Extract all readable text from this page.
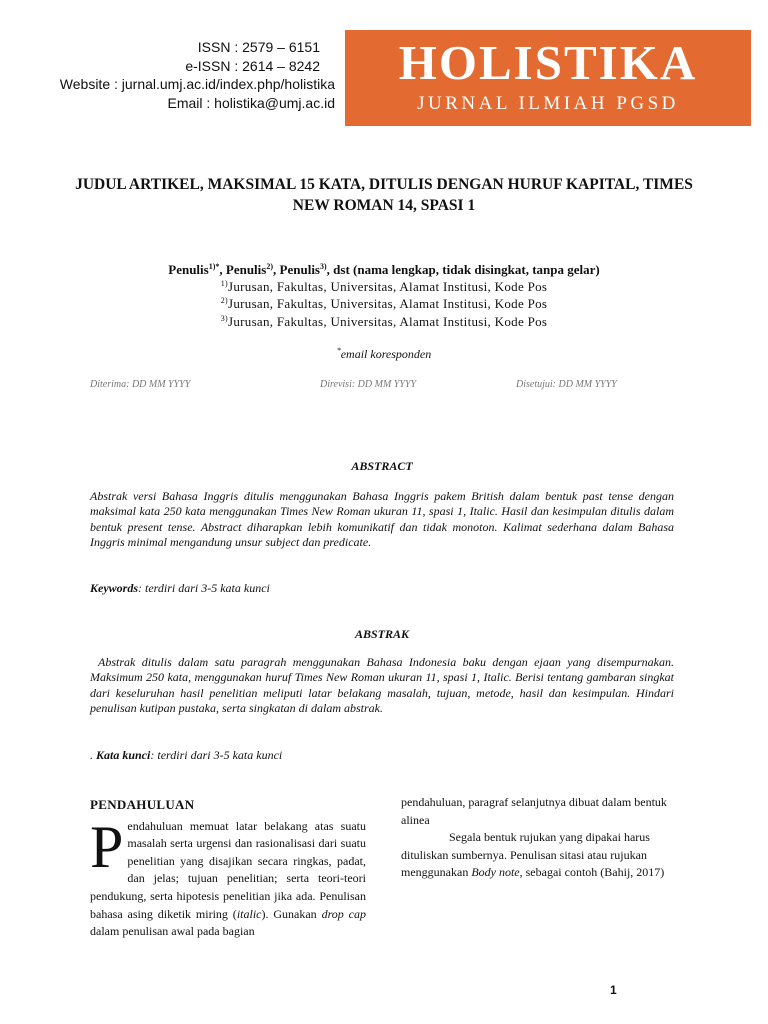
ISSN : 2579 – 6151
e-ISSN : 2614 – 8242
Website : jurnal.umj.ac.id/index.php/holistika
Email : holistika@umj.ac.id
HOLISTIKA
JURNAL ILMIAH PGSD
JUDUL ARTIKEL, MAKSIMAL 15 KATA, DITULIS DENGAN HURUF KAPITAL, TIMES NEW ROMAN 14, SPASI 1
Penulis$^{1)*}$, Penulis$^{2)}$, Penulis$^{3)}$, dst (nama lengkap, tidak disingkat, tanpa gelar)
$^{1)}$Jurusan, Fakultas, Universitas, Alamat Institusi, Kode Pos
$^{2)}$Jurusan, Fakultas, Universitas, Alamat Institusi, Kode Pos
$^{3)}$Jurusan, Fakultas, Universitas, Alamat Institusi, Kode Pos
*email koresponden
Diterima: DD MM YYYY	Direvisi: DD MM YYYY	Disetujui: DD MM YYYY
ABSTRACT
Abstrak versi Bahasa Inggris ditulis menggunakan Bahasa Inggris pakem British dalam bentuk past tense dengan maksimal kata 250 kata menggunakan Times New Roman ukuran 11, spasi 1, Italic. Hasil dan kesimpulan ditulis dalam bentuk present tense. Abstract diharapkan lebih komunikatif dan tidak monoton. Kalimat sederhana dalam Bahasa Inggris minimal mengandung unsur subject dan predicate.
Keywords: terdiri dari 3-5 kata kunci
ABSTRAK
Abstrak ditulis dalam satu paragrah menggunakan Bahasa Indonesia baku dengan ejaan yang disempurnakan. Maksimum 250 kata, menggunakan huruf Times New Roman ukuran 11, spasi 1, Italic. Berisi tentang gambaran singkat dari keseluruhan hasil penelitian meliputi latar belakang masalah, tujuan, metode, hasil dan kesimpulan. Hindari penulisan kutipan pustaka, serta singkatan di dalam abstrak.
. Kata kunci: terdiri dari 3-5 kata kunci
PENDAHULUAN

Pendahuluan memuat latar belakang atas suatu masalah serta urgensi dan rasionalisasi dari suatu penelitian yang disajikan secara ringkas, padat, dan jelas; tujuan penelitian; serta teori-teori pendukung, serta hipotesis penelitian jika ada. Penulisan bahasa asing diketik miring (italic). Gunakan drop cap dalam penulisan awal pada bagian

pendahuluan, paragraf selanjutnya dibuat dalam bentuk alinea

Segala bentuk rujukan yang dipakai harus dituliskan sumbernya. Penulisan sitasi atau rujukan menggunakan Body note, sebagai contoh (Bahij, 2017)

1
